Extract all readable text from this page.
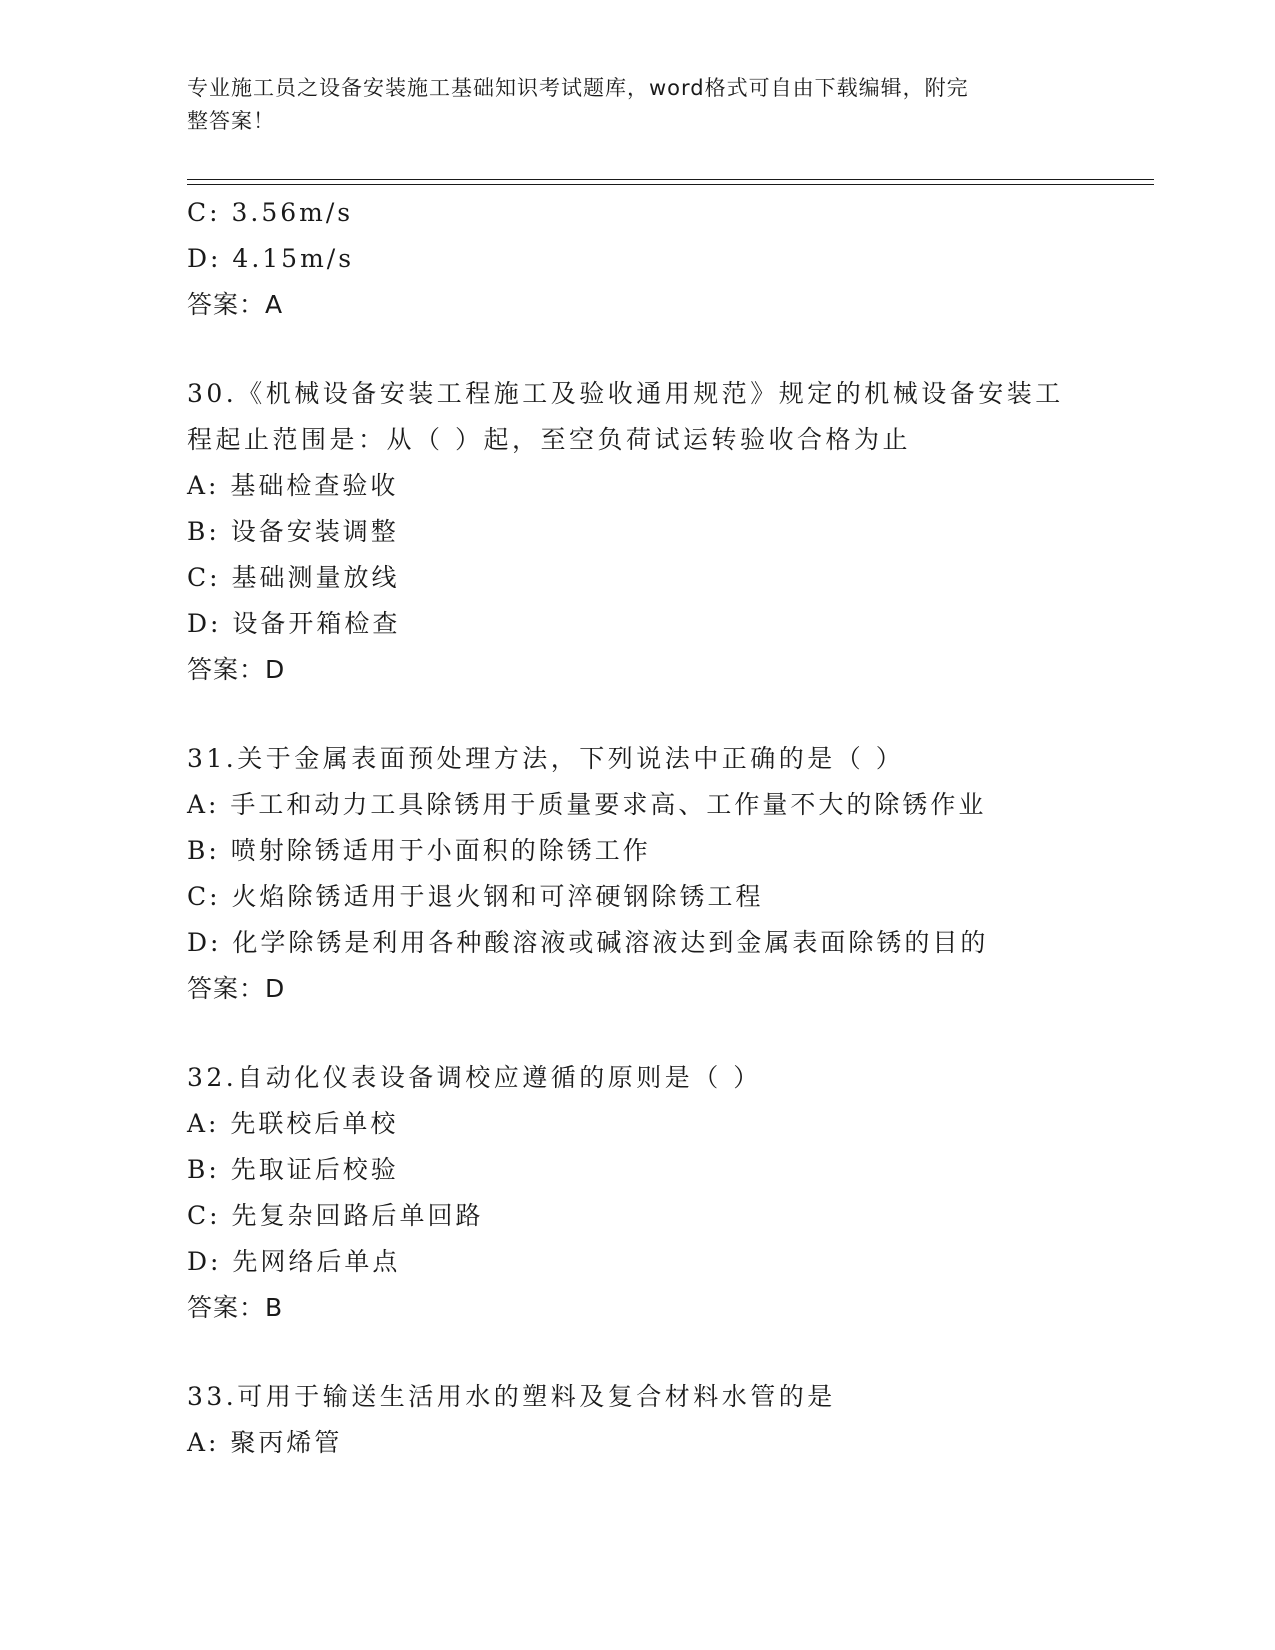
专业施工员之设备安装施工基础知识考试题库，word格式可自由下载编辑，附完
整答案！
C: 3.56m/s
D: 4.15m/s
答案：A
30.《机械设备安装工程施工及验收通用规范》规定的机械设备安装工
程起止范围是：从（ ）起，至空负荷试运转验收合格为止
A: 基础检查验收
B: 设备安装调整
C: 基础测量放线
D: 设备开箱检查
答案：D
31.关于金属表面预处理方法，下列说法中正确的是（ ）
A: 手工和动力工具除锈用于质量要求高、工作量不大的除锈作业
B: 喷射除锈适用于小面积的除锈工作
C: 火焰除锈适用于退火钢和可淬硬钢除锈工程
D: 化学除锈是利用各种酸溶液或碱溶液达到金属表面除锈的目的
答案：D
32.自动化仪表设备调校应遵循的原则是（ ）
A: 先联校后单校
B: 先取证后校验
C: 先复杂回路后单回路
D: 先网络后单点
答案：B
33.可用于输送生活用水的塑料及复合材料水管的是
A: 聚丙烯管
